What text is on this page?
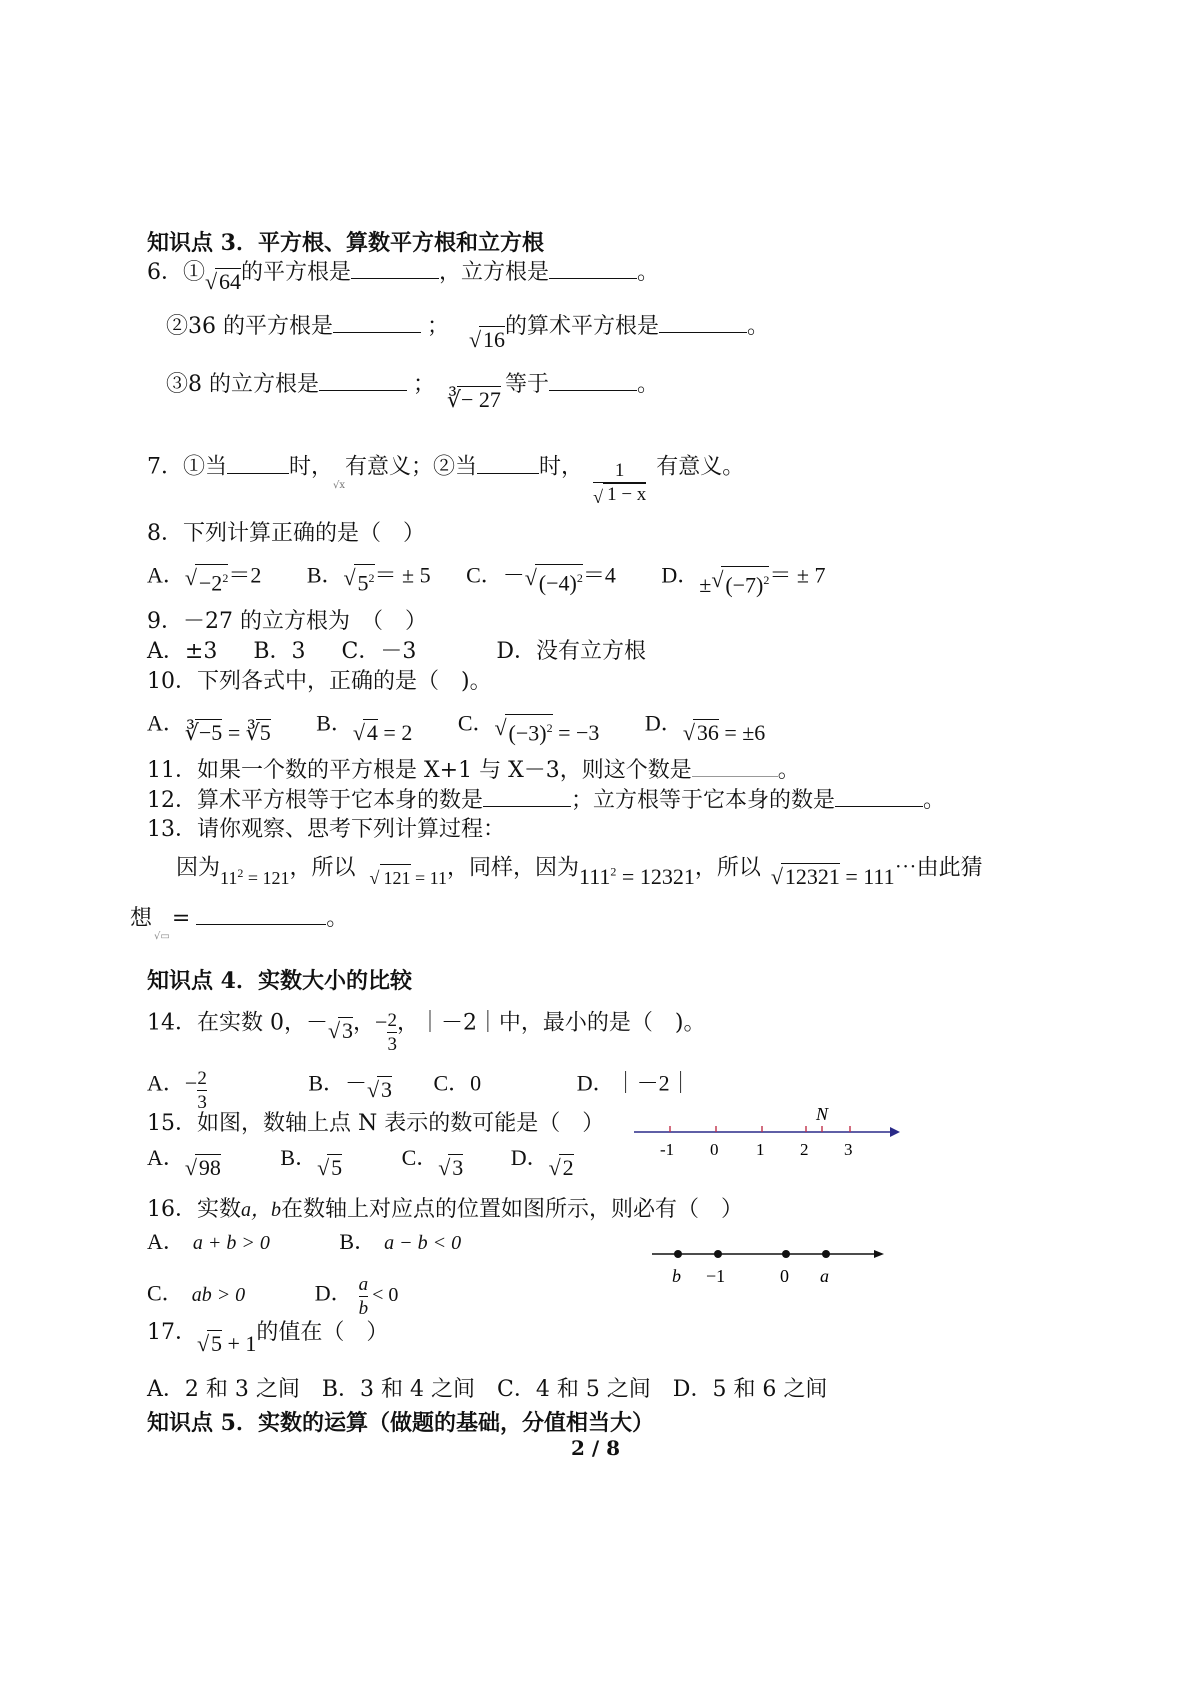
知识点 3．平方根、算数平方根和立方根
6．① √ 64的平方根是	，立方根是	。
②36 的平方根是	；
√ 16的算术平方根是	。
③8 的立方根是	；
∛ − 27等于	。
7．①当	时，$_{√x}$有意义；②当	时， $\frac{1}{√ 1 - x}$ 有意义。
8．下列计算正确的是（　）
A． √ $-2^2=2$ B． √ $5^2= \pm 5$ C．－ √ $(-4)^2=4$ D．± √ $(-7)^2= \pm 7$
9．－27 的立方根为　（　）
A．±3 B．3 C．－3	D．没有立方根
10．下列各式中，正确的是（　)。
A． ∛ −5 = ∛ 5 B． √ 4 = 2 C． √ $(-3)^2 = -3$ D． √ 36 = ±6
11．如果一个数的平方根是 X+1 与 X－3，则这个数是	。
12．算术平方根等于它本身的数是	；立方根等于它本身的数是	。
13．请你观察、思考下列计算过程：
因为$_{11^2 = 121}$，所以 $_{√ 121 = 11}$，同样，因为$111^2 = 12321$，所以 √ 12321 = 111⋯由此猜
想$_{√▭}$=	。
知识点 4．实数大小的比较
14．在实数 0，－ √ 3，− $\frac{2}{3}$ ，｜－2｜中，最小的是（　)。
A．− $\frac{2}{3}$	B．－ √ 3 C．0	D．｜－2｜
15．如图，数轴上点 N 表示的数可能是（　）
A． √ 98	B． √ 5	C． √ 3 D． √ 2
N
-1 0 1 2 3
16．实数a，b在数轴上对应点的位置如图所示，则必有（　）
A． a + b > 0	B． a − b < 0
C． ab > 0	D． $\frac{a}{b} < 0$
b −1	0 a
17． √ 5 + 1的值在（　）
A．2 和 3 之间　B．3 和 4 之间　C．4 和 5 之间　D．5 和 6 之间
知识点 5．实数的运算（做题的基础，分值相当大）
2 / 8
